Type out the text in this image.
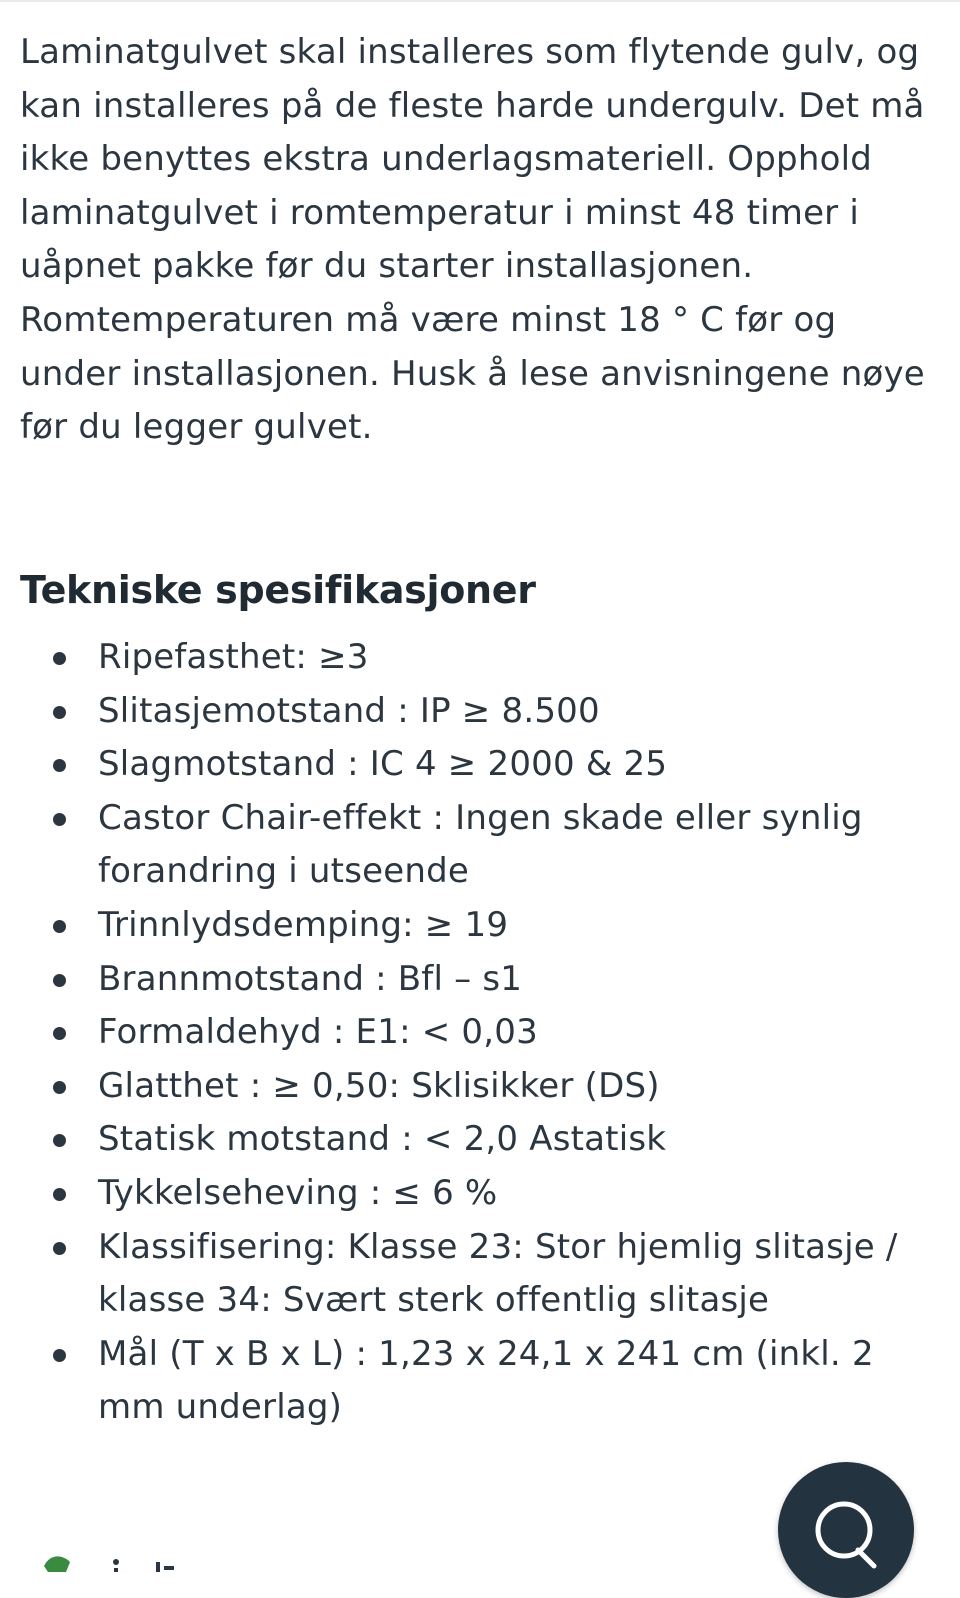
Laminatgulvet skal installeres som flytende gulv, og kan installeres på de fleste harde undergulv. Det må ikke benyttes ekstra underlagsmateriell. Opphold laminatgulvet i romtemperatur i minst 48 timer i uåpnet pakke før du starter installasjonen. Romtemperaturen må være minst 18 ° C før og under installasjonen. Husk å lese anvisningene nøye før du legger gulvet.

Tekniske spesifikasjoner
Ripefasthet: ≥3
Slitasjemotstand : IP ≥ 8.500
Slagmotstand : IC 4 ≥ 2000 & 25
Castor Chair-effekt : Ingen skade eller synlig forandring i utseende
Trinnlydsdemping: ≥ 19
Brannmotstand : Bfl – s1
Formaldehyd : E1: < 0,03
Glatthet : ≥ 0,50: Sklisikker (DS)
Statisk motstand : < 2,0 Astatisk
Tykkelseheving : ≤ 6 %
Klassifisering: Klasse 23: Stor hjemlig slitasje / klasse 34: Svært sterk offentlig slitasje
Mål (T x B x L) : 1,23 x 24,1 x 241 cm (inkl. 2 mm underlag)
